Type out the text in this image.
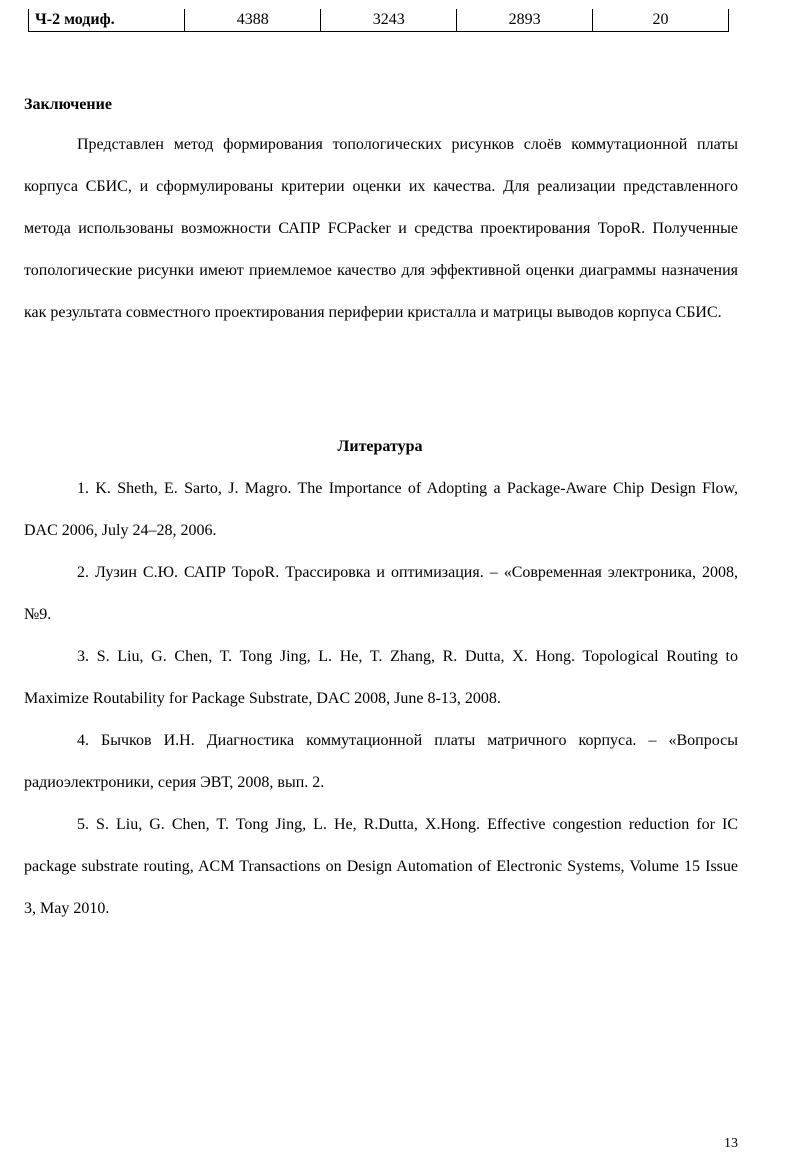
Ч-2 модиф.	4388	3243	2893	20
Заключение

Представлен метод формирования топологических рисунков слоёв коммутационной платы корпуса СБИС, и сформулированы критерии оценки их качества. Для реализации представленного метода использованы возможности САПР FCPacker и средства проектирования TopoR. Полученные топологические рисунки имеют приемлемое качество для эффективной оценки диаграммы назначения как результата совместного проектирования периферии кристалла и матрицы выводов корпуса СБИС.

Литература

1. K. Sheth, E. Sarto, J. Magro. The Importance of Adopting a Package-Aware Chip Design Flow, DAC 2006, July 24–28, 2006.

2. Лузин С.Ю. САПР TopoR. Трассировка и оптимизация. – «Современная электроника, 2008, №9.

3. S. Liu, G. Chen, T. Tong Jing, L. He, T. Zhang, R. Dutta, X. Hong. Topological Routing to Maximize Routability for Package Substrate, DAC 2008, June 8-13, 2008.

4. Бычков И.Н. Диагностика коммутационной платы матричного корпуса. – «Вопросы радиоэлектроники, серия ЭВТ, 2008, вып. 2.

5. S. Liu, G. Chen, T. Tong Jing, L. He, R.Dutta, X.Hong. Effective congestion reduction for IC package substrate routing, ACM Transactions on Design Automation of Electronic Systems, Volume 15 Issue 3, May 2010.

13
